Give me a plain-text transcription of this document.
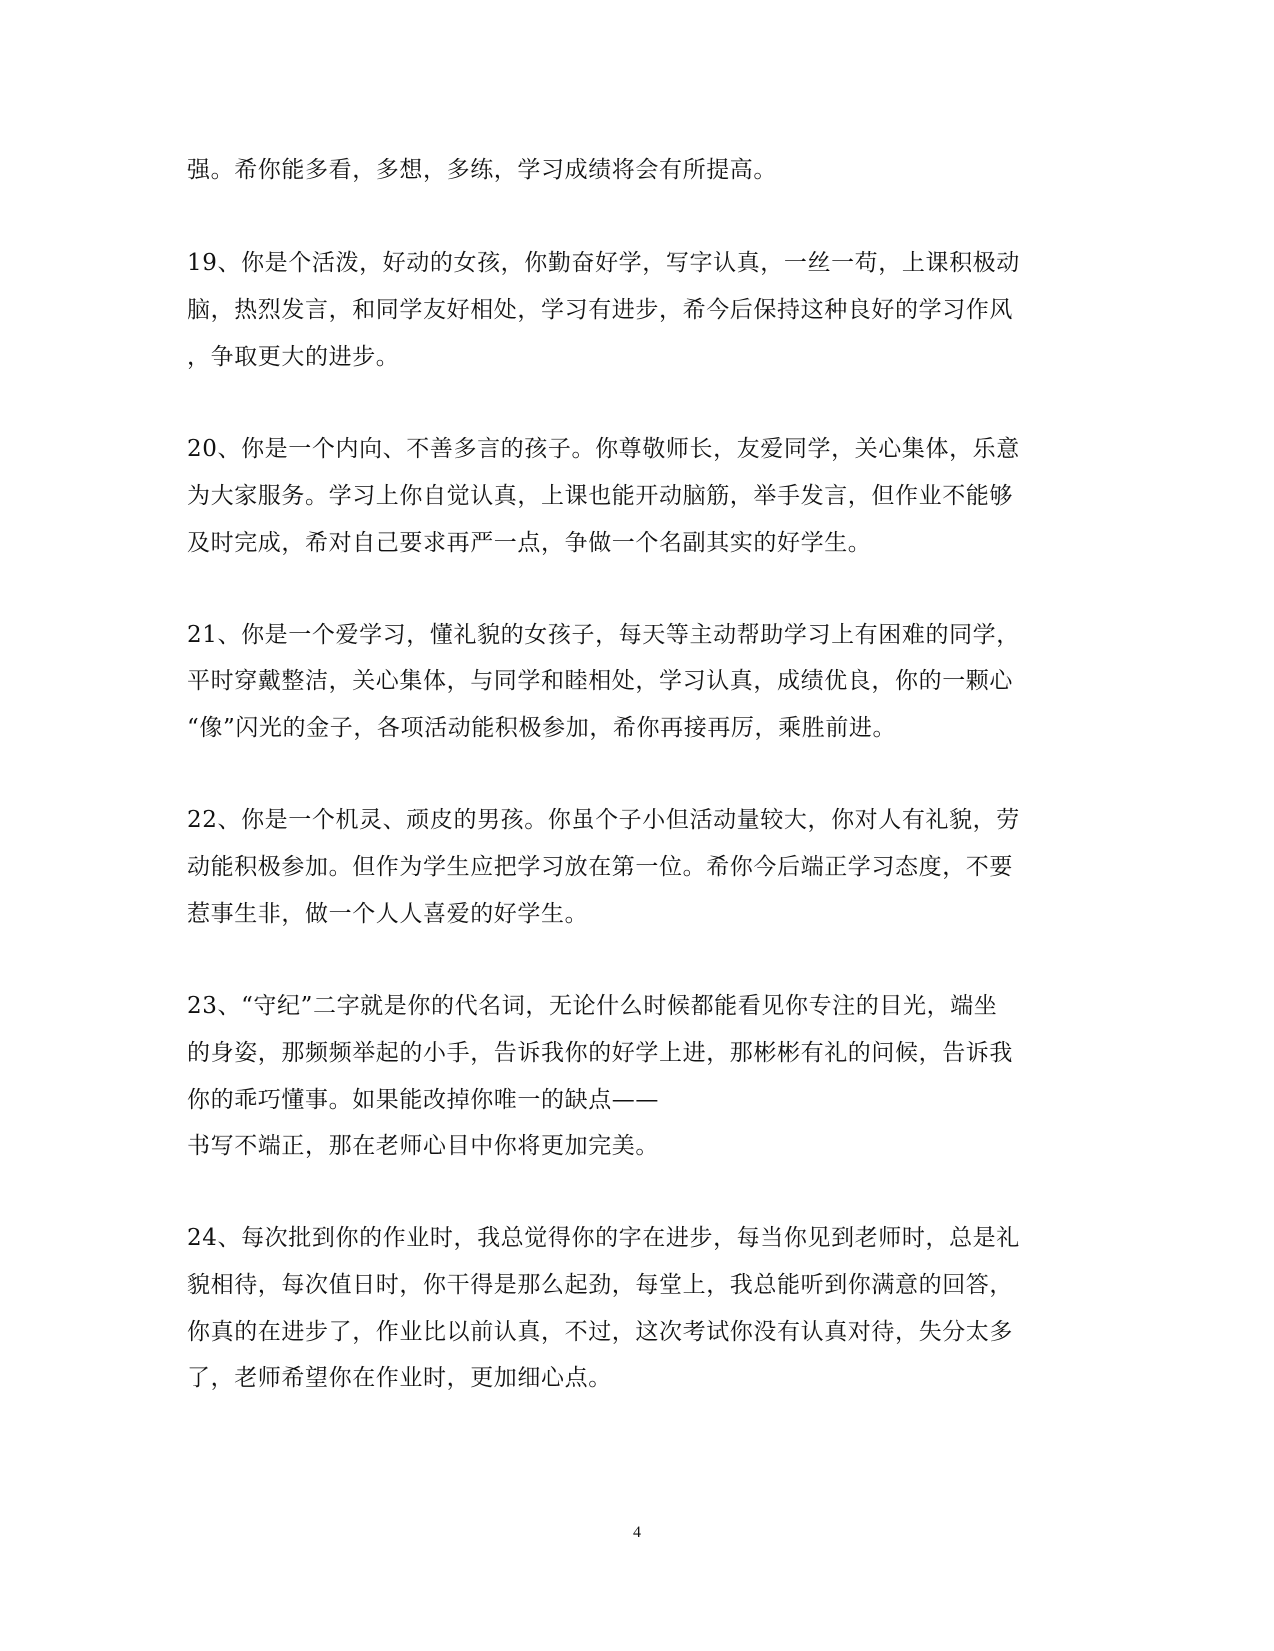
强。希你能多看，多想，多练，学习成绩将会有所提高。
19、你是个活泼，好动的女孩，你勤奋好学，写字认真，一丝一苟，上课积极动
脑，热烈发言，和同学友好相处，学习有进步，希今后保持这种良好的学习作风
，争取更大的进步。
20、你是一个内向、不善多言的孩子。你尊敬师长，友爱同学，关心集体，乐意
为大家服务。学习上你自觉认真，上课也能开动脑筋，举手发言，但作业不能够
及时完成，希对自己要求再严一点，争做一个名副其实的好学生。
21、你是一个爱学习，懂礼貌的女孩子，每天等主动帮助学习上有困难的同学，
平时穿戴整洁，关心集体，与同学和睦相处，学习认真，成绩优良，你的一颗心
“像”闪光的金子，各项活动能积极参加，希你再接再厉，乘胜前进。
22、你是一个机灵、顽皮的男孩。你虽个子小但活动量较大，你对人有礼貌，劳
动能积极参加。但作为学生应把学习放在第一位。希你今后端正学习态度，不要
惹事生非，做一个人人喜爱的好学生。
23、“守纪”二字就是你的代名词，无论什么时候都能看见你专注的目光，端坐
的身姿，那频频举起的小手，告诉我你的好学上进，那彬彬有礼的问候，告诉我
你的乖巧懂事。如果能改掉你唯一的缺点——
书写不端正，那在老师心目中你将更加完美。
24、每次批到你的作业时，我总觉得你的字在进步，每当你见到老师时，总是礼
貌相待，每次值日时，你干得是那么起劲，每堂上，我总能听到你满意的回答，
你真的在进步了，作业比以前认真，不过，这次考试你没有认真对待，失分太多
了，老师希望你在作业时，更加细心点。
4
